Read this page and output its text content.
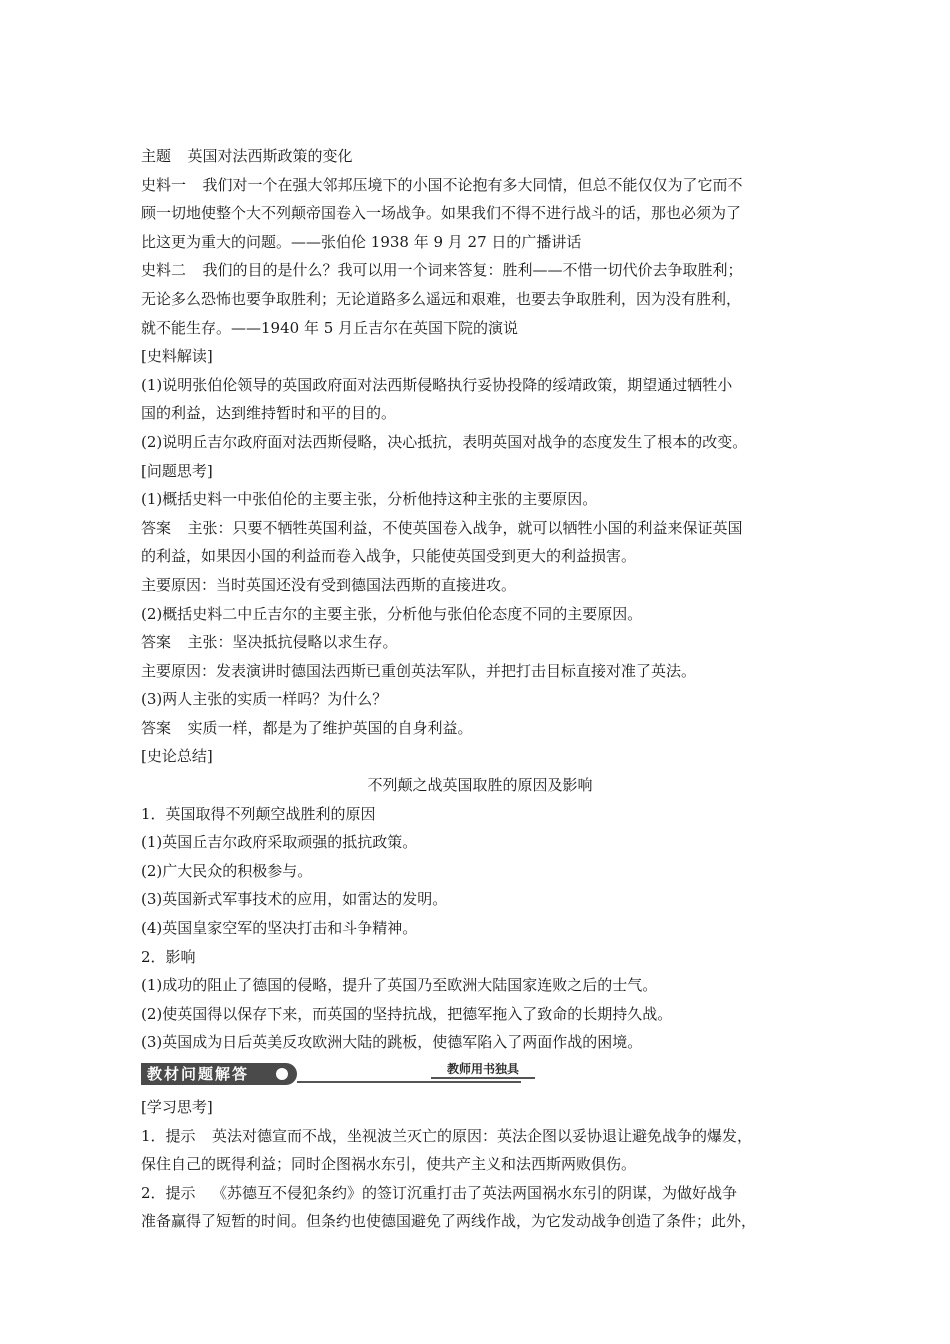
主题 英国对法西斯政策的变化
史料一 我们对一个在强大邻邦压境下的小国不论抱有多大同情，但总不能仅仅为了它而不
顾一切地使整个大不列颠帝国卷入一场战争。如果我们不得不进行战斗的话，那也必须为了
比这更为重大的问题。——张伯伦 1938 年 9 月 27 日的广播讲话
史料二 我们的目的是什么？我可以用一个词来答复：胜利——不惜一切代价去争取胜利；
无论多么恐怖也要争取胜利；无论道路多么遥远和艰难，也要去争取胜利，因为没有胜利，
就不能生存。——1940 年 5 月丘吉尔在英国下院的演说
[史料解读]
(1)说明张伯伦领导的英国政府面对法西斯侵略执行妥协投降的绥靖政策，期望通过牺牲小
国的利益，达到维持暂时和平的目的。
(2)说明丘吉尔政府面对法西斯侵略，决心抵抗，表明英国对战争的态度发生了根本的改变。
[问题思考]
(1)概括史料一中张伯伦的主要主张，分析他持这种主张的主要原因。
答案 主张：只要不牺牲英国利益，不使英国卷入战争，就可以牺牲小国的利益来保证英国
的利益，如果因小国的利益而卷入战争，只能使英国受到更大的利益损害。
主要原因：当时英国还没有受到德国法西斯的直接进攻。
(2)概括史料二中丘吉尔的主要主张，分析他与张伯伦态度不同的主要原因。
答案 主张：坚决抵抗侵略以求生存。
主要原因：发表演讲时德国法西斯已重创英法军队，并把打击目标直接对准了英法。
(3)两人主张的实质一样吗？为什么？
答案 实质一样，都是为了维护英国的自身利益。
[史论总结]
不列颠之战英国取胜的原因及影响
1．英国取得不列颠空战胜利的原因
(1)英国丘吉尔政府采取顽强的抵抗政策。
(2)广大民众的积极参与。
(3)英国新式军事技术的应用，如雷达的发明。
(4)英国皇家空军的坚决打击和斗争精神。
2．影响
(1)成功的阻止了德国的侵略，提升了英国乃至欧洲大陆国家连败之后的士气。
(2)使英国得以保存下来，而英国的坚持抗战，把德军拖入了致命的长期持久战。
(3)英国成为日后英美反攻欧洲大陆的跳板，使德军陷入了两面作战的困境。
教材问题解答	教师用书独具
[学习思考]
1．提示 英法对德宣而不战，坐视波兰灭亡的原因：英法企图以妥协退让避免战争的爆发，
保住自己的既得利益；同时企图祸水东引，使共产主义和法西斯两败俱伤。
2．提示 《苏德互不侵犯条约》的签订沉重打击了英法两国祸水东引的阴谋，为做好战争
准备赢得了短暂的时间。但条约也使德国避免了两线作战，为它发动战争创造了条件；此外，
